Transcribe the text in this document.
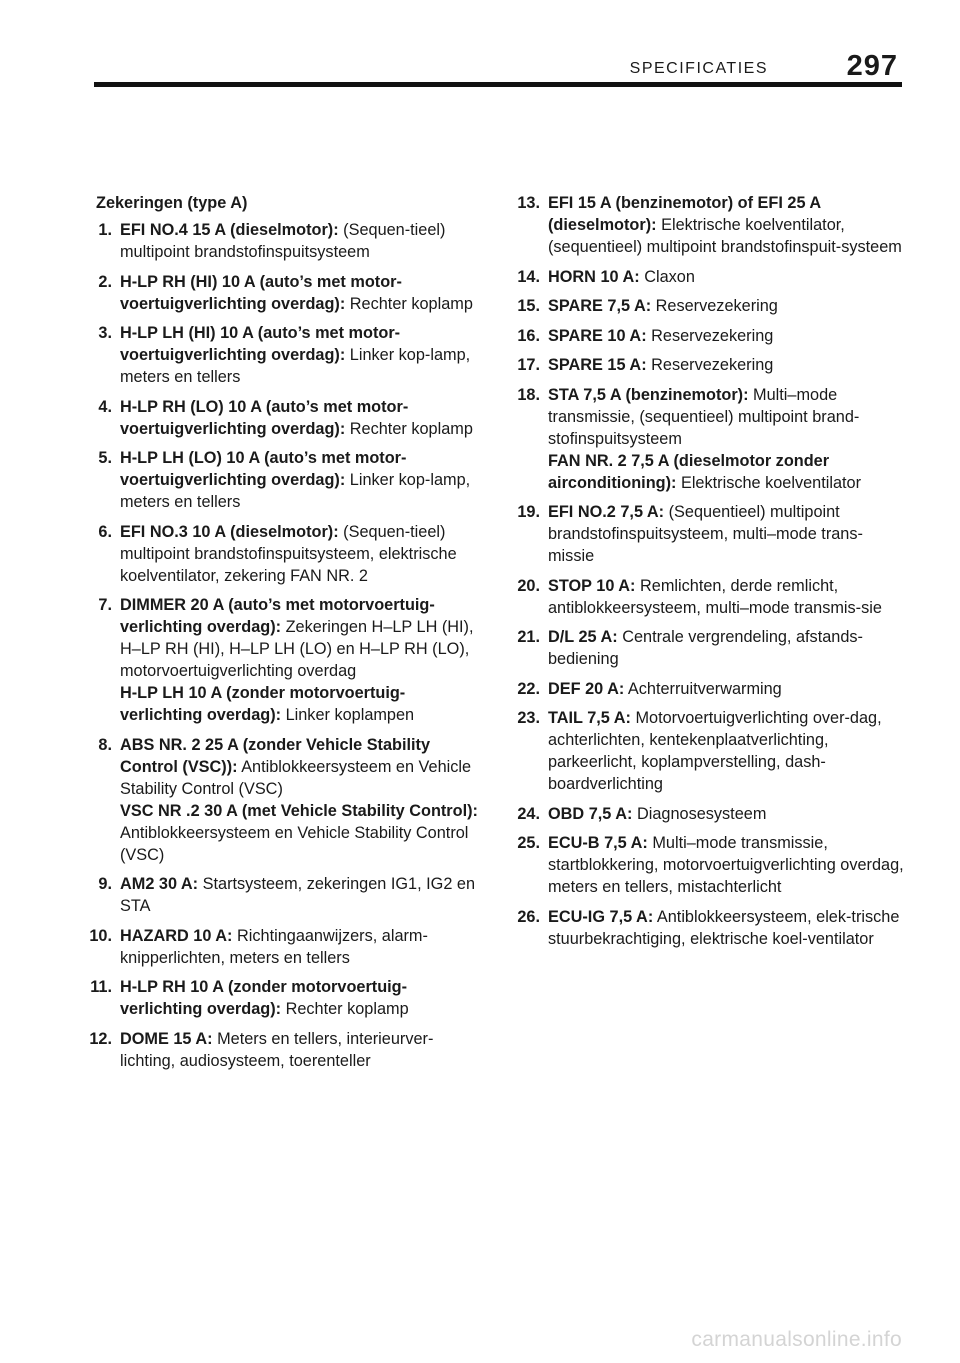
SPECIFICATIES	297
Zekeringen (type A)
1. EFI NO.4 15 A (dieselmotor): (Sequen-tieel) multipoint brandstofinspuitsysteem
2. H-LP RH (HI) 10 A (auto’s met motor-voertuigverlichting overdag): Rechter koplamp
3. H-LP LH (HI) 10 A (auto’s met motor-voertuigverlichting overdag): Linker kop-lamp, meters en tellers
4. H-LP RH (LO) 10 A (auto’s met motor-voertuigverlichting overdag): Rechter koplamp
5. H-LP LH (LO) 10 A (auto’s met motor-voertuigverlichting overdag): Linker kop-lamp, meters en tellers
6. EFI NO.3 10 A (dieselmotor): (Sequen-tieel) multipoint brandstofinspuitsysteem, elektrische koelventilator, zekering FAN NR. 2
7. DIMMER 20 A (auto’s met motorvoertuig-verlichting overdag): Zekeringen H–LP LH (HI), H–LP RH (HI), H–LP LH (LO) en H–LP RH (LO), motorvoertuigverlichting overdag
H-LP LH 10 A (zonder motorvoertuig-verlichting overdag): Linker koplampen
8. ABS NR. 2 25 A (zonder Vehicle Stability Control (VSC)): Antiblokkeersysteem en Vehicle Stability Control (VSC)
VSC NR .2 30 A (met Vehicle Stability Control): Antiblokkeersysteem en Vehicle Stability Control (VSC)
9. AM2 30 A: Startsysteem, zekeringen IG1, IG2 en STA
10. HAZARD 10 A: Richtingaanwijzers, alarm-knipperlichten, meters en tellers
11. H-LP RH 10 A (zonder motorvoertuig-verlichting overdag): Rechter koplamp
12. DOME 15 A: Meters en tellers, interieurver-lichting, audiosysteem, toerenteller
13. EFI 15 A (benzinemotor) of EFI 25 A (dieselmotor): Elektrische koelventilator, (sequentieel) multipoint brandstofinspuit-systeem
14. HORN 10 A: Claxon
15. SPARE 7,5 A: Reservezekering
16. SPARE 10 A: Reservezekering
17. SPARE 15 A: Reservezekering
18. STA 7,5 A (benzinemotor): Multi–mode transmissie, (sequentieel) multipoint brand-stofinspuitsysteem
FAN NR. 2 7,5 A (dieselmotor zonder airconditioning): Elektrische koelventilator
19. EFI NO.2 7,5 A: (Sequentieel) multipoint brandstofinspuitsysteem, multi–mode trans-missie
20. STOP 10 A: Remlichten, derde remlicht, antiblokkeersysteem, multi–mode transmis-sie
21. D/L 25 A: Centrale vergrendeling, afstands-bediening
22. DEF 20 A: Achterruitverwarming
23. TAIL 7,5 A: Motorvoertuigverlichting over-dag, achterlichten, kentekenplaatverlichting, parkeerlicht, koplampverstelling, dash-boardverlichting
24. OBD 7,5 A: Diagnosesysteem
25. ECU-B 7,5 A: Multi–mode transmissie, startblokkering, motorvoertuigverlichting overdag, meters en tellers, mistachterlicht
26. ECU-IG 7,5 A: Antiblokkeersysteem, elek-trische stuurbekrachtiging, elektrische koel-ventilator
carmanualsonline.info
